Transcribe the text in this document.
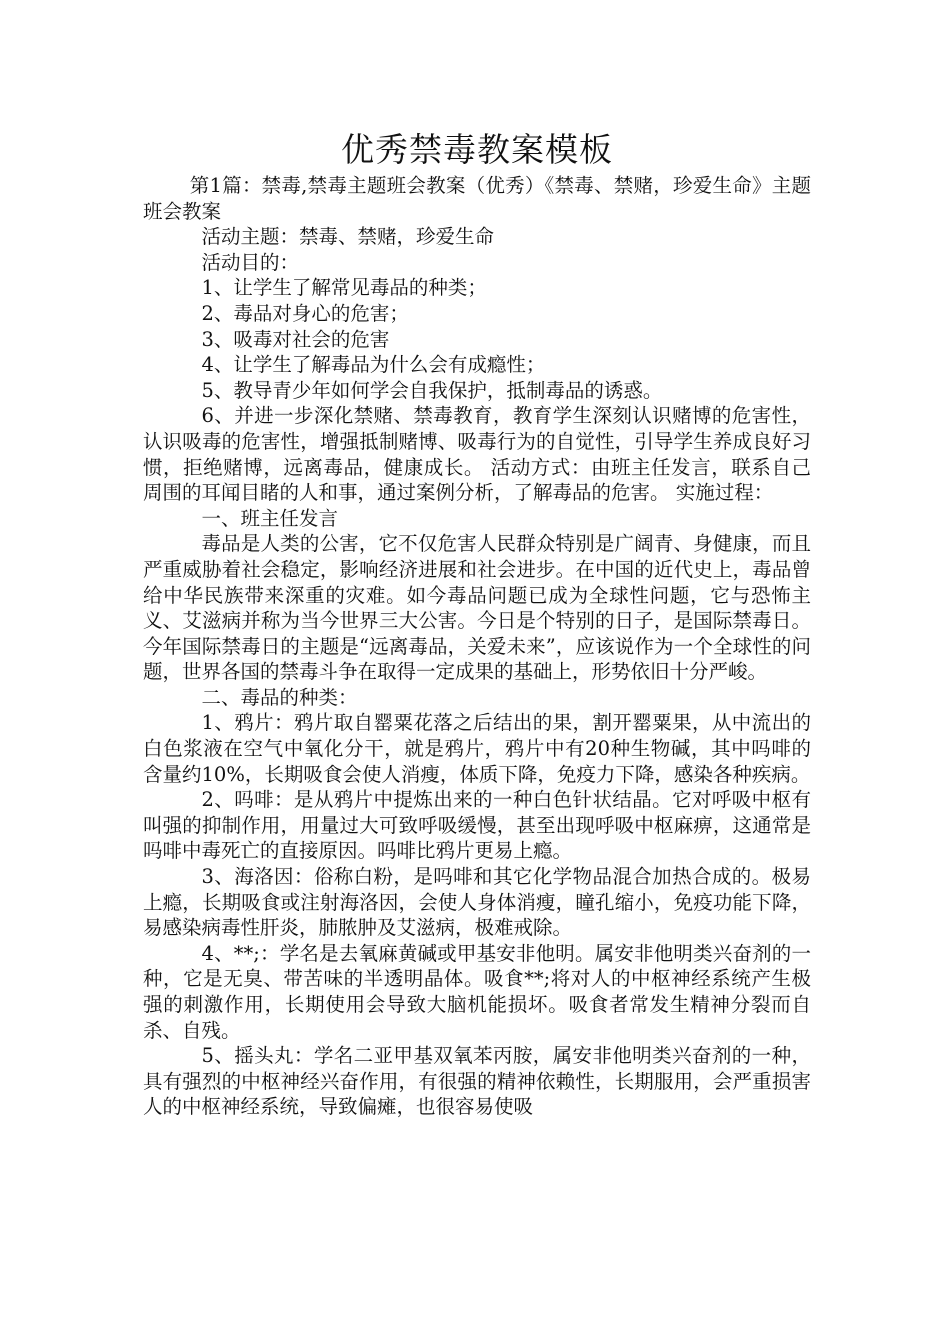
优秀禁毒教案模板

第1篇：禁毒,禁毒主题班会教案（优秀）《禁毒、禁赌，珍爱生命》主题班会教案

活动主题：禁毒、禁赌，珍爱生命

活动目的：

1、让学生了解常见毒品的种类；

2、毒品对身心的危害；

3、吸毒对社会的危害

4、让学生了解毒品为什么会有成瘾性；

5、教导青少年如何学会自我保护，抵制毒品的诱惑。

6、并进一步深化禁赌、禁毒教育，教育学生深刻认识赌博的危害性，认识吸毒的危害性，增强抵制赌博、吸毒行为的自觉性，引导学生养成良好习惯，拒绝赌博，远离毒品，健康成长。 活动方式：由班主任发言，联系自己周围的耳闻目睹的人和事，通过案例分析，了解毒品的危害。 实施过程：

一、班主任发言

毒品是人类的公害，它不仅危害人民群众特别是广阔青、身健康，而且严重威胁着社会稳定，影响经济进展和社会进步。在中国的近代史上，毒品曾给中华民族带来深重的灾难。如今毒品问题已成为全球性问题，它与恐怖主义、艾滋病并称为当今世界三大公害。今日是个特别的日子，是国际禁毒日。今年国际禁毒日的主题是“远离毒品，关爱未来”，应该说作为一个全球性的问题，世界各国的禁毒斗争在取得一定成果的基础上，形势依旧十分严峻。

二、毒品的种类：

1、鸦片：鸦片取自罂粟花落之后结出的果，割开罂粟果，从中流出的白色浆液在空气中氧化分干，就是鸦片，鸦片中有20种生物碱，其中吗啡的含量约10%，长期吸食会使人消瘦，体质下降，免疫力下降，感染各种疾病。

2、吗啡：是从鸦片中提炼出来的一种白色针状结晶。它对呼吸中枢有叫强的抑制作用，用量过大可致呼吸缓慢，甚至出现呼吸中枢麻痹，这通常是吗啡中毒死亡的直接原因。吗啡比鸦片更易上瘾。

3、海洛因：俗称白粉，是吗啡和其它化学物品混合加热合成的。极易上瘾，长期吸食或注射海洛因，会使人身体消瘦，瞳孔缩小，免疫功能下降，易感染病毒性肝炎，肺脓肿及艾滋病，极难戒除。

4、**;：学名是去氧麻黄碱或甲基安非他明。属安非他明类兴奋剂的一种，它是无臭、带苦味的半透明晶体。吸食**;将对人的中枢神经系统产生极强的刺激作用，长期使用会导致大脑机能损坏。吸食者常发生精神分裂而自杀、自残。

5、摇头丸：学名二亚甲基双氧苯丙胺，属安非他明类兴奋剂的一种，具有强烈的中枢神经兴奋作用，有很强的精神依赖性，长期服用，会严重损害人的中枢神经系统，导致偏瘫，也很容易使吸
